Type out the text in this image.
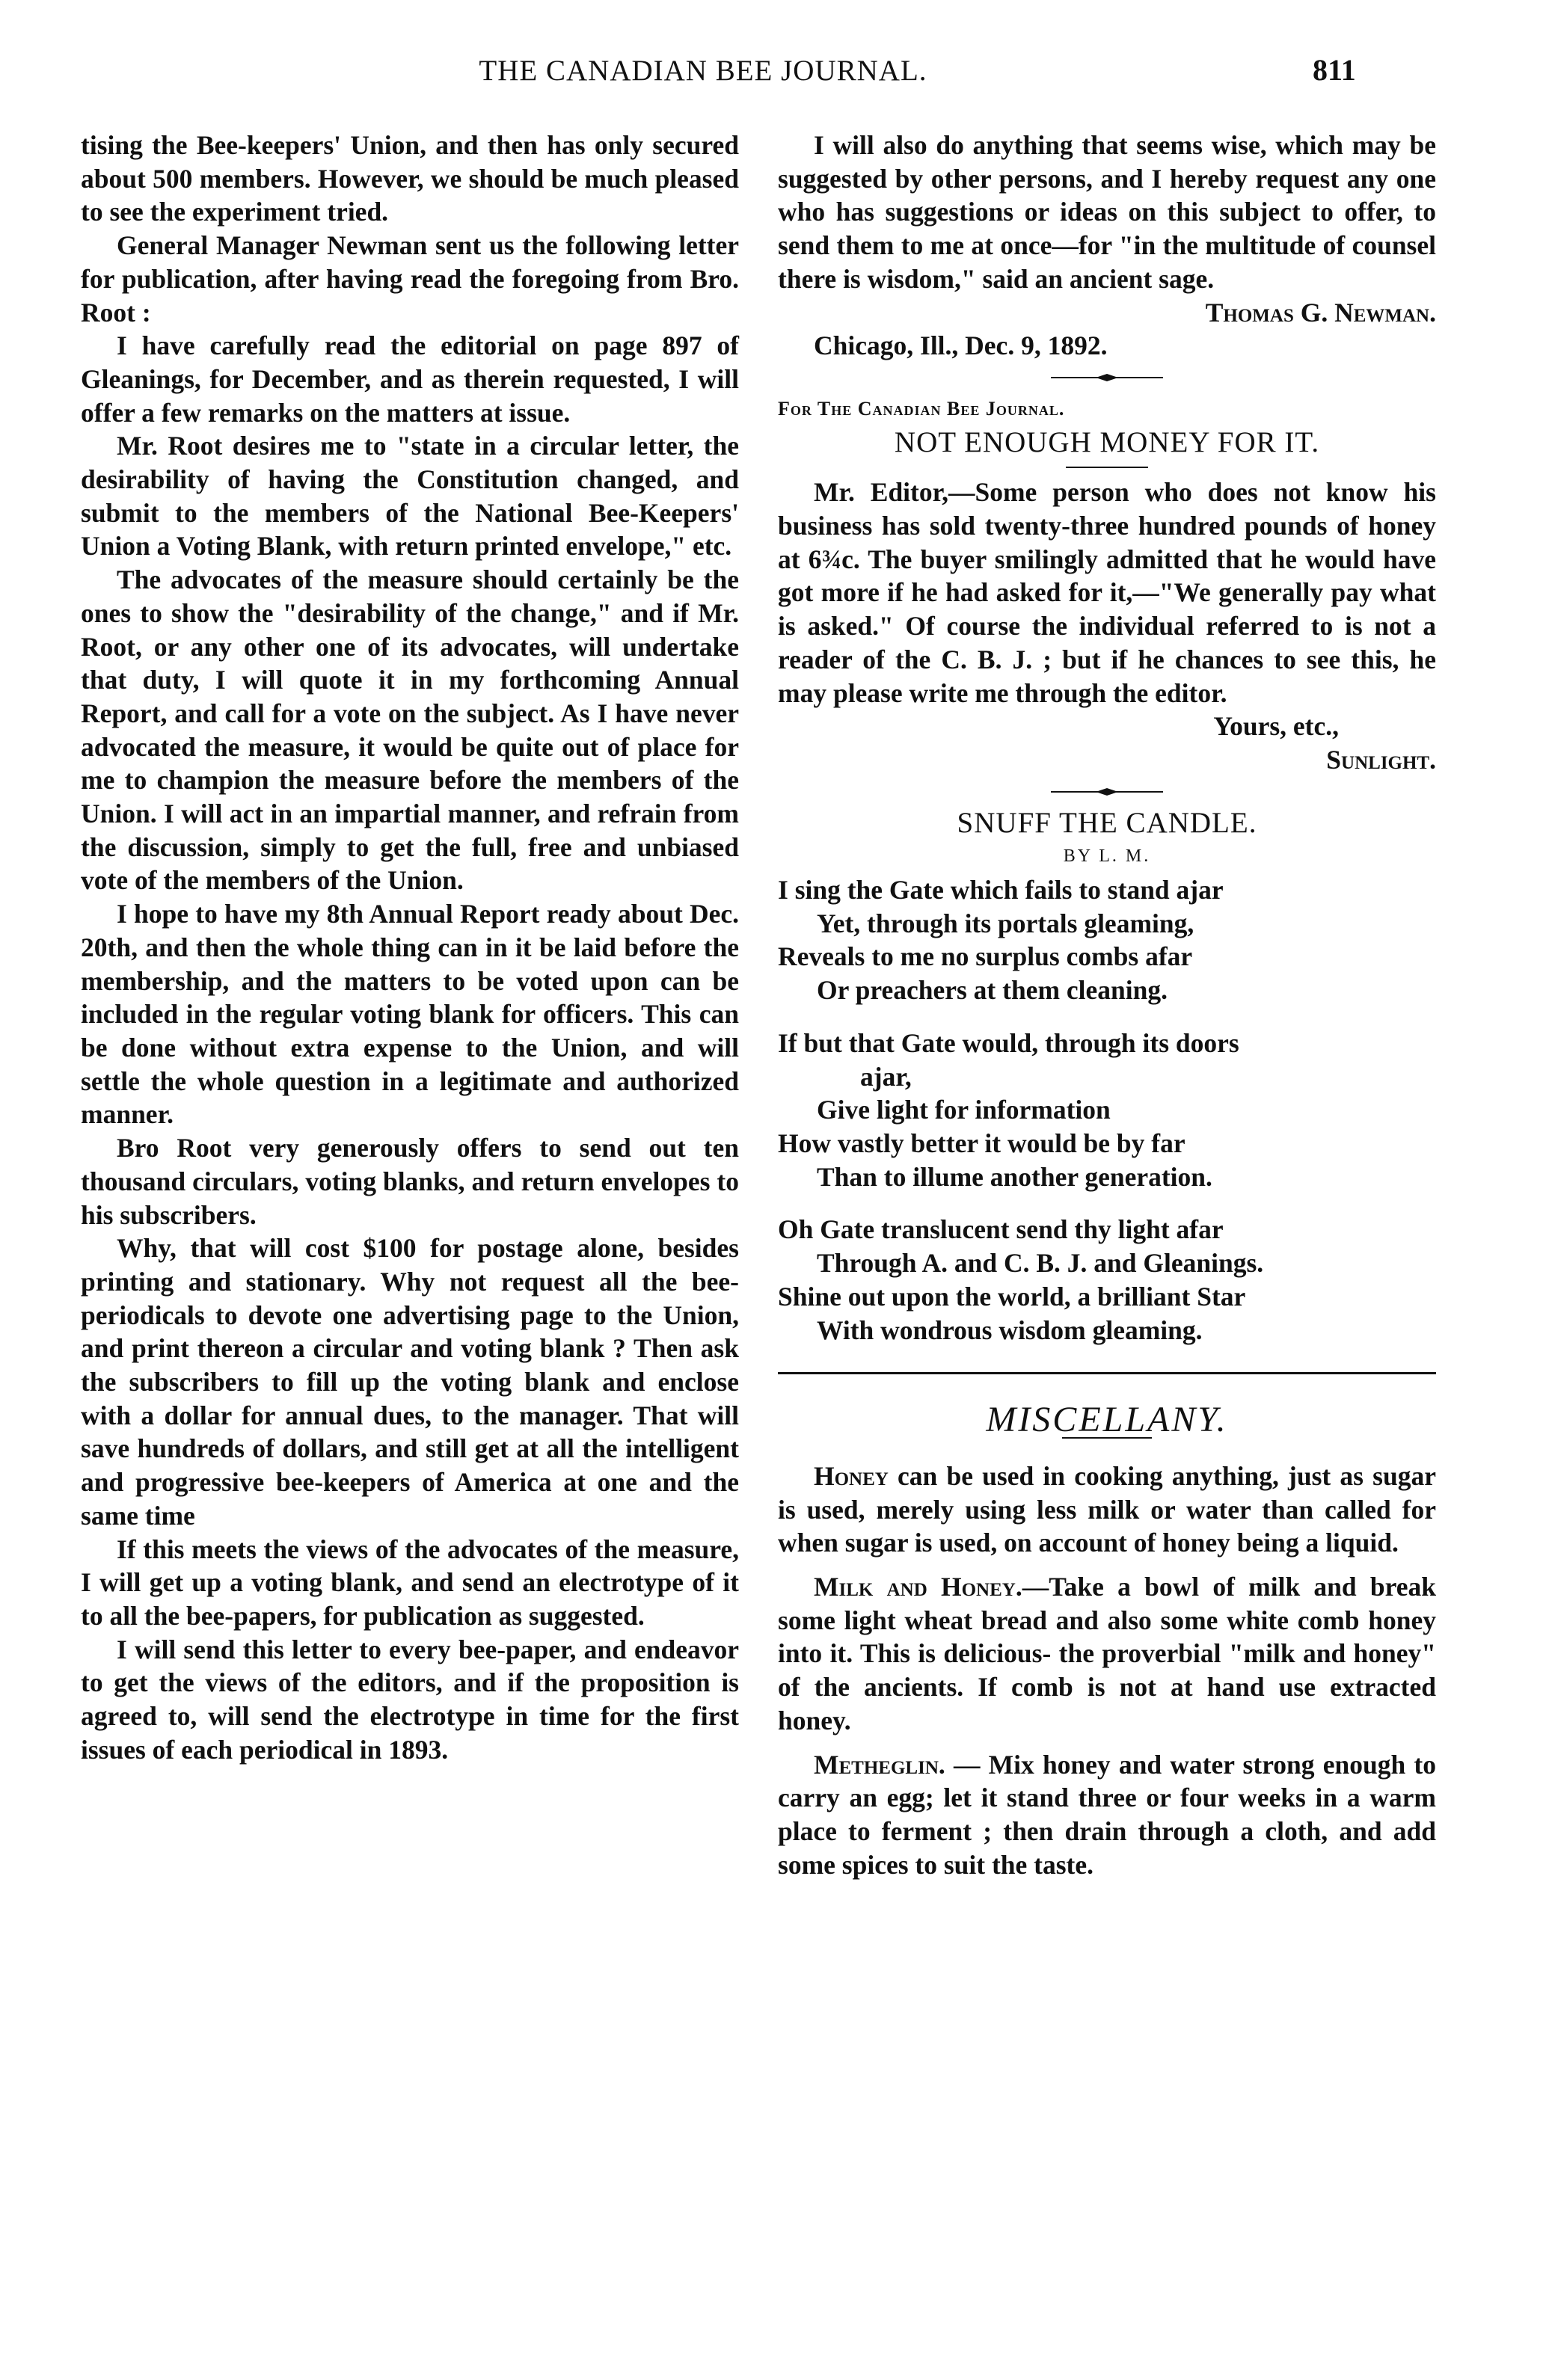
THE CANADIAN BEE JOURNAL.	811

tising the Bee-keepers' Union, and then has only secured about 500 members. However, we should be much pleased to see the experiment tried.

General Manager Newman sent us the following letter for publication, after having read the foregoing from Bro. Root :

I have carefully read the editorial on page 897 of Gleanings, for December, and as therein requested, I will offer a few remarks on the matters at issue.

Mr. Root desires me to "state in a circular letter, the desirability of having the Constitution changed, and submit to the members of the National Bee-Keepers' Union a Voting Blank, with return printed envelope," etc.

The advocates of the measure should certainly be the ones to show the "desirability of the change," and if Mr. Root, or any other one of its advocates, will undertake that duty, I will quote it in my forthcoming Annual Report, and call for a vote on the subject. As I have never advocated the measure, it would be quite out of place for me to champion the measure before the members of the Union. I will act in an impartial manner, and refrain from the discussion, simply to get the full, free and unbiased vote of the members of the Union.

I hope to have my 8th Annual Report ready about Dec. 20th, and then the whole thing can in it be laid before the membership, and the matters to be voted upon can be included in the regular voting blank for officers. This can be done without extra expense to the Union, and will settle the whole question in a legitimate and authorized manner.

Bro Root very generously offers to send out ten thousand circulars, voting blanks, and return envelopes to his subscribers.

Why, that will cost $100 for postage alone, besides printing and stationary. Why not request all the bee-periodicals to devote one advertising page to the Union, and print thereon a circular and voting blank ? Then ask the subscribers to fill up the voting blank and enclose with a dollar for annual dues, to the manager. That will save hundreds of dollars, and still get at all the intelligent and progressive bee-keepers of America at one and the same time

If this meets the views of the advocates of the measure, I will get up a voting blank, and send an electrotype of it to all the bee-papers, for publication as suggested.

I will send this letter to every bee-paper, and endeavor to get the views of the editors, and if the proposition is agreed to, will send the electrotype in time for the first issues of each periodical in 1893.

I will also do anything that seems wise, which may be suggested by other persons, and I hereby request any one who has suggestions or ideas on this subject to offer, to send them to me at once—for "in the multitude of counsel there is wisdom," said an ancient sage.

Thomas G. Newman.

Chicago, Ill., Dec. 9, 1892.

For The Canadian Bee Journal.

NOT ENOUGH MONEY FOR IT.

Mr. Editor,—Some person who does not know his business has sold twenty-three hundred pounds of honey at 6¾c. The buyer smilingly admitted that he would have got more if he had asked for it,—"We generally pay what is asked." Of course the individual referred to is not a reader of the C. B. J. ; but if he chances to see this, he may please write me through the editor.

Yours, etc.,

Sunlight.

SNUFF THE CANDLE.

BY L. M.

I sing the Gate which fails to stand ajar

Yet, through its portals gleaming,

Reveals to me no surplus combs afar

Or preachers at them cleaning.

If but that Gate would, through its doors

ajar,

Give light for information

How vastly better it would be by far

Than to illume another generation.

Oh Gate translucent send thy light afar

Through A. and C. B. J. and Gleanings.

Shine out upon the world, a brilliant Star

With wondrous wisdom gleaming.

MISCELLANY.

Honey can be used in cooking anything, just as sugar is used, merely using less milk or water than called for when sugar is used, on account of honey being a liquid.

Milk and Honey.—Take a bowl of milk and break some light wheat bread and also some white comb honey into it. This is delicious- the proverbial "milk and honey" of the ancients. If comb is not at hand use extracted honey.

Metheglin. — Mix honey and water strong enough to carry an egg; let it stand three or four weeks in a warm place to ferment ; then drain through a cloth, and add some spices to suit the taste.
